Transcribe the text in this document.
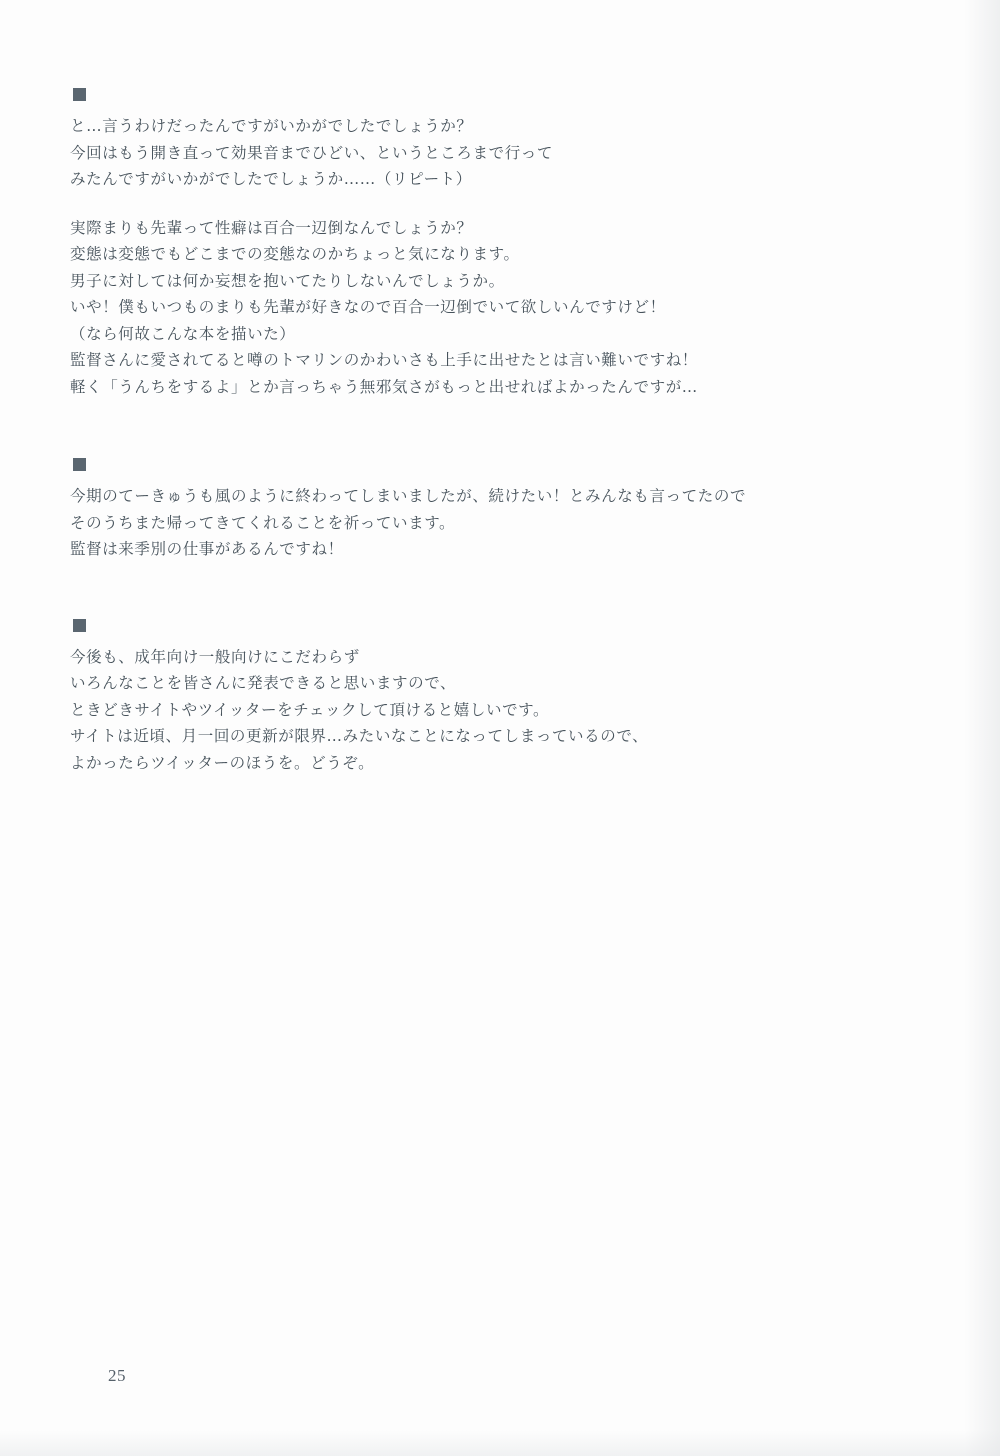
と…言うわけだったんですがいかがでしたでしょうか？
今回はもう開き直って効果音までひどい、というところまで行って
みたんですがいかがでしたでしょうか……（リピート）
実際まりも先輩って性癖は百合一辺倒なんでしょうか？
変態は変態でもどこまでの変態なのかちょっと気になります。
男子に対しては何か妄想を抱いてたりしないんでしょうか。
いや！僕もいつものまりも先輩が好きなので百合一辺倒でいて欲しいんですけど！
（なら何故こんな本を描いた）
監督さんに愛されてると噂のトマリンのかわいさも上手に出せたとは言い難いですね！
軽く「うんちをするよ」とか言っちゃう無邪気さがもっと出せればよかったんですが…
今期のてーきゅうも風のように終わってしまいましたが、続けたい！とみんなも言ってたので
そのうちまた帰ってきてくれることを祈っています。
監督は来季別の仕事があるんですね！
今後も、成年向け一般向けにこだわらず
いろんなことを皆さんに発表できると思いますので、
ときどきサイトやツイッターをチェックして頂けると嬉しいです。
サイトは近頃、月一回の更新が限界…みたいなことになってしまっているので、
よかったらツイッターのほうを。どうぞ。
25
